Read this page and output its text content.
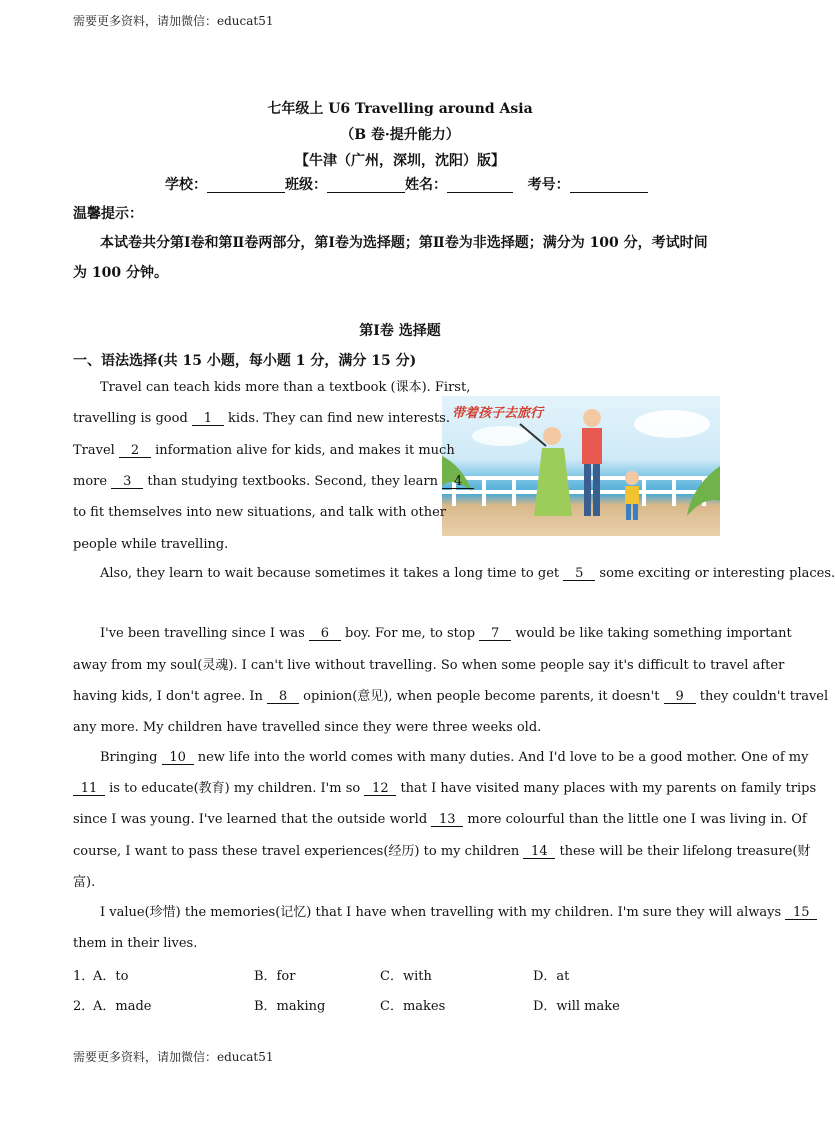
需要更多资料，请加微信：educat51
七年级上 U6 Travelling around Asia
（B 卷·提升能力）
【牛津（广州，深圳，沈阳）版】
学校：	班级：	姓名：	考号：
温馨提示：
本试卷共分第Ⅰ卷和第Ⅱ卷两部分，第Ⅰ卷为选择题；第Ⅱ卷为非选择题；满分为 100 分，考试时间
为 100 分钟。
第Ⅰ卷 选择题
一、语法选择(共 15 小题，每小题 1 分，满分 15 分)
带着孩子去旅行
Travel can teach kids more than a textbook (课本). First,
travelling is good 1 kids. They can find new interests.
Travel 2 information alive for kids, and makes it much
more 3 than studying textbooks. Second, they learn 4
to fit themselves into new situations, and talk with other
people while travelling.
Also, they learn to wait because sometimes it takes a long time to get 5 some exciting or interesting places.
I've been travelling since I was 6 boy. For me, to stop 7 would be like taking something important
away from my soul(灵魂). I can't live without travelling. So when some people say it's difficult to travel after
having kids, I don't agree. In 8 opinion(意见), when people become parents, it doesn't 9 they couldn't travel
any more. My children have travelled since they were three weeks old.
Bringing 10 new life into the world comes with many duties. And I'd love to be a good mother. One of my
11 is to educate(教育) my children. I'm so 12 that I have visited many places with my parents on family trips
since I was young. I've learned that the outside world 13 more colourful than the little one I was living in. Of
course, I want to pass these travel experiences(经历) to my children 14 these will be their lifelong treasure(财
富).
I value(珍惜) the memories(记忆) that I have when travelling with my children. I'm sure they will always 15
them in their lives.
1．
A．to	B．for	C．with	D．at
2．
A．made	B．making	C．makes	D．will make
需要更多资料，请加微信：educat51
